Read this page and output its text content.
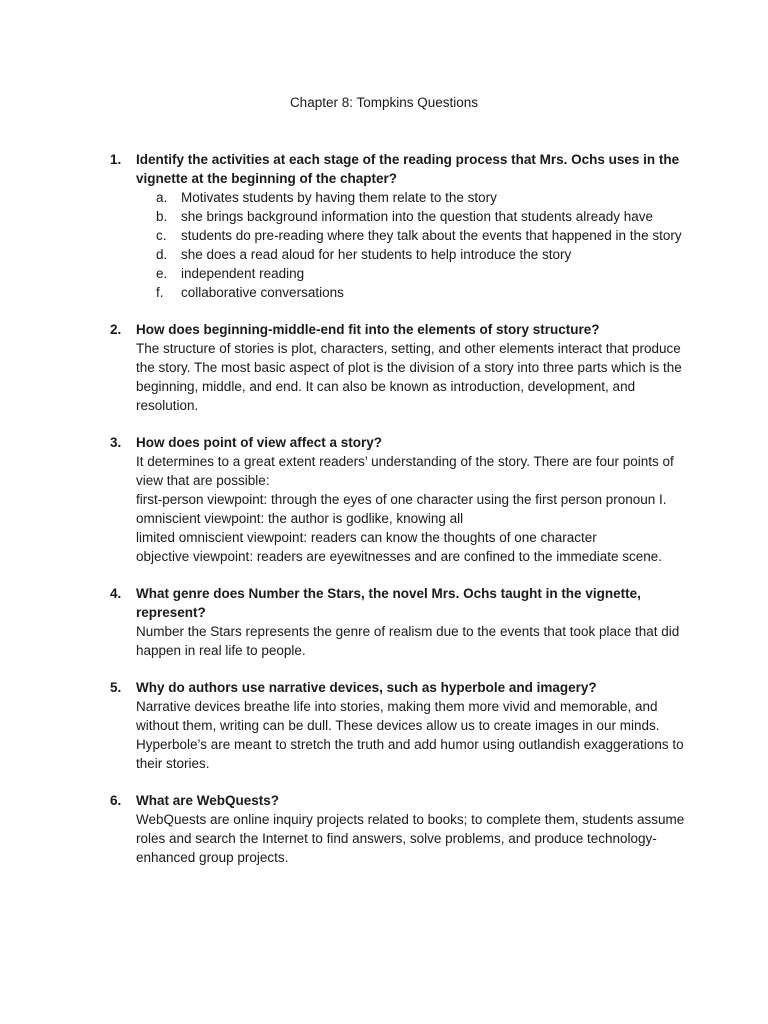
Chapter 8: Tompkins Questions
1. Identify the activities at each stage of the reading process that Mrs. Ochs uses in the vignette at the beginning of the chapter?
a. Motivates students by having them relate to the story
b. she brings background information into the question that students already have
c. students do pre-reading where they talk about the events that happened in the story
d. she does a read aloud for her students to help introduce the story
e. independent reading
f. collaborative conversations
2. How does beginning-middle-end fit into the elements of story structure?
The structure of stories is plot, characters, setting, and other elements interact that produce the story. The most basic aspect of plot is the division of a story into three parts which is the beginning, middle, and end. It can also be known as introduction, development, and resolution.
3. How does point of view affect a story?
It determines to a great extent readers’ understanding of the story. There are four points of view that are possible:
first-person viewpoint: through the eyes of one character using the first person pronoun I.
omniscient viewpoint: the author is godlike, knowing all
limited omniscient viewpoint: readers can know the thoughts of one character
objective viewpoint: readers are eyewitnesses and are confined to the immediate scene.
4. What genre does Number the Stars, the novel Mrs. Ochs taught in the vignette, represent?
Number the Stars represents the genre of realism due to the events that took place that did happen in real life to people.
5. Why do authors use narrative devices, such as hyperbole and imagery?
Narrative devices breathe life into stories, making them more vivid and memorable, and without them, writing can be dull. These devices allow us to create images in our minds. Hyperbole’s are meant to stretch the truth and add humor using outlandish exaggerations to their stories.
6. What are WebQuests?
WebQuests are online inquiry projects related to books; to complete them, students assume roles and search the Internet to find answers, solve problems, and produce technology-enhanced group projects.
